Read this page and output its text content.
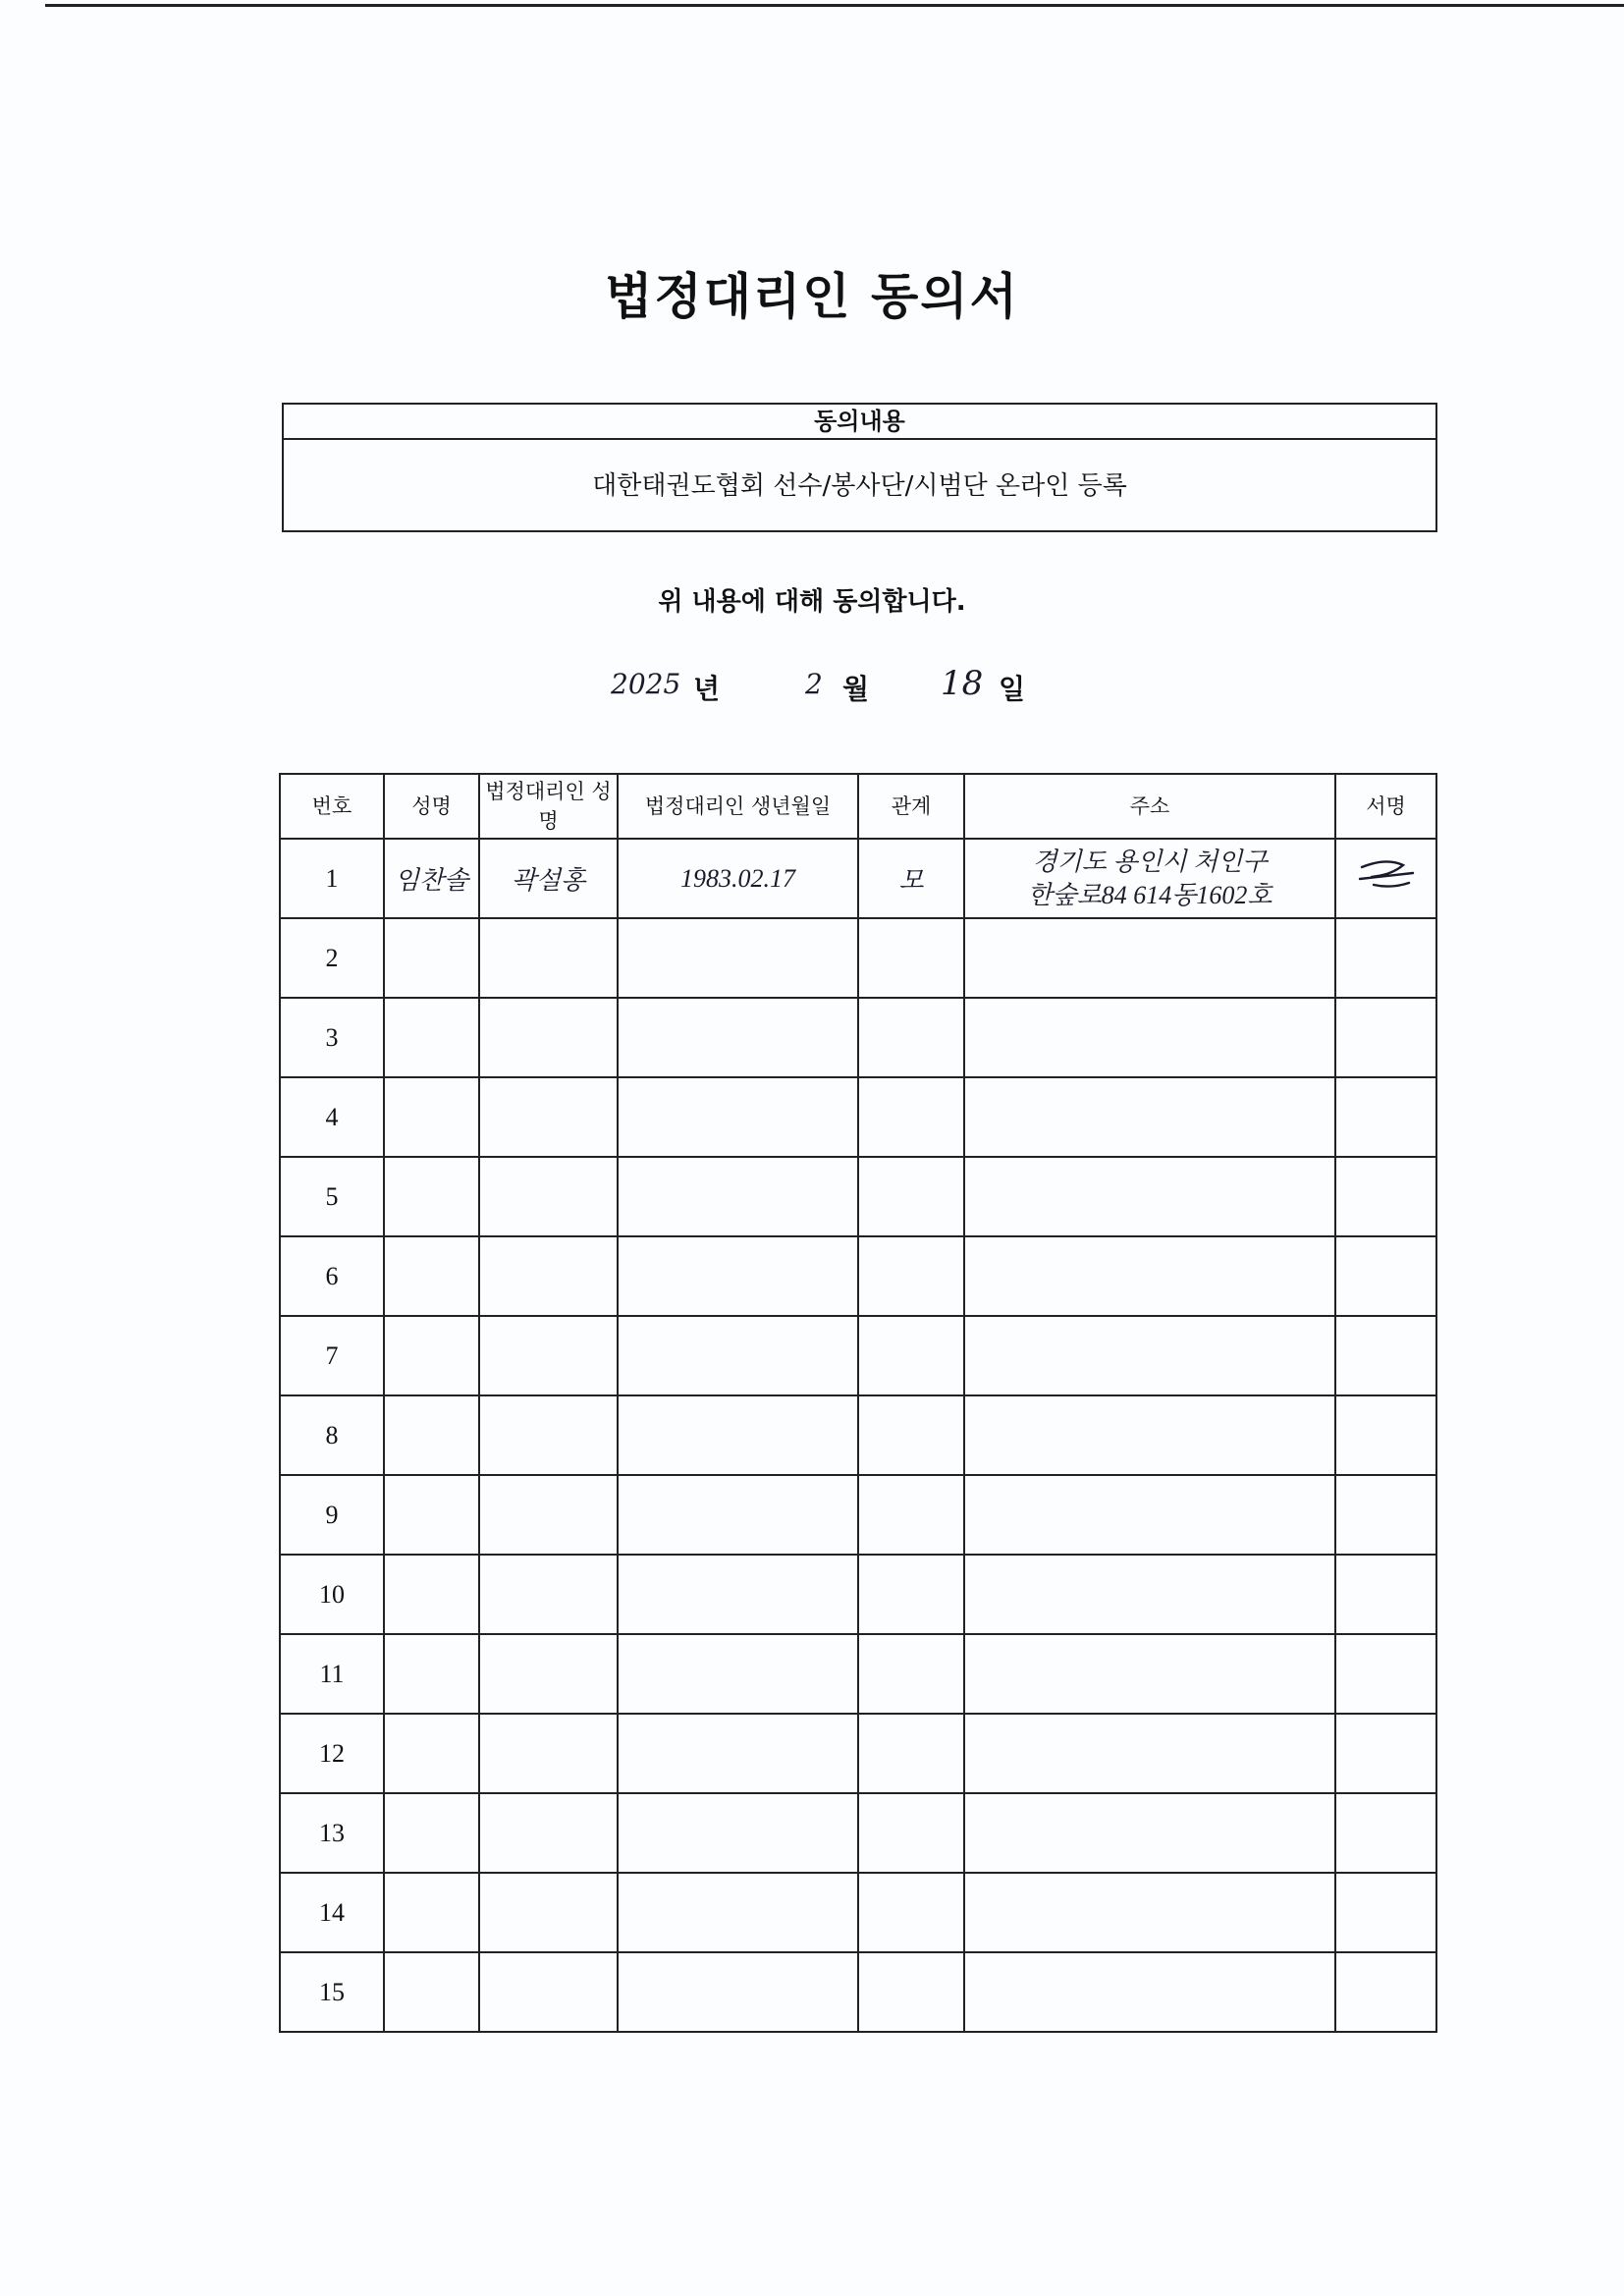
법정대리인 동의서
동의내용
대한태권도협회 선수/봉사단/시범단 온라인 등록
위 내용에 대해 동의합니다.
2025 년	2 월 18 일
번호	성명	법정대리인 성명	법정대리인 생년월일	관계	주소	서명
1	임찬솔	곽설홍	1983.02.17	모	경기도 용인시 처인구
한숲로84 614동1602호

2						
3						
4						
5						
6						
7						
8						
9						
10						
11						
12						
13						
14						
15						
